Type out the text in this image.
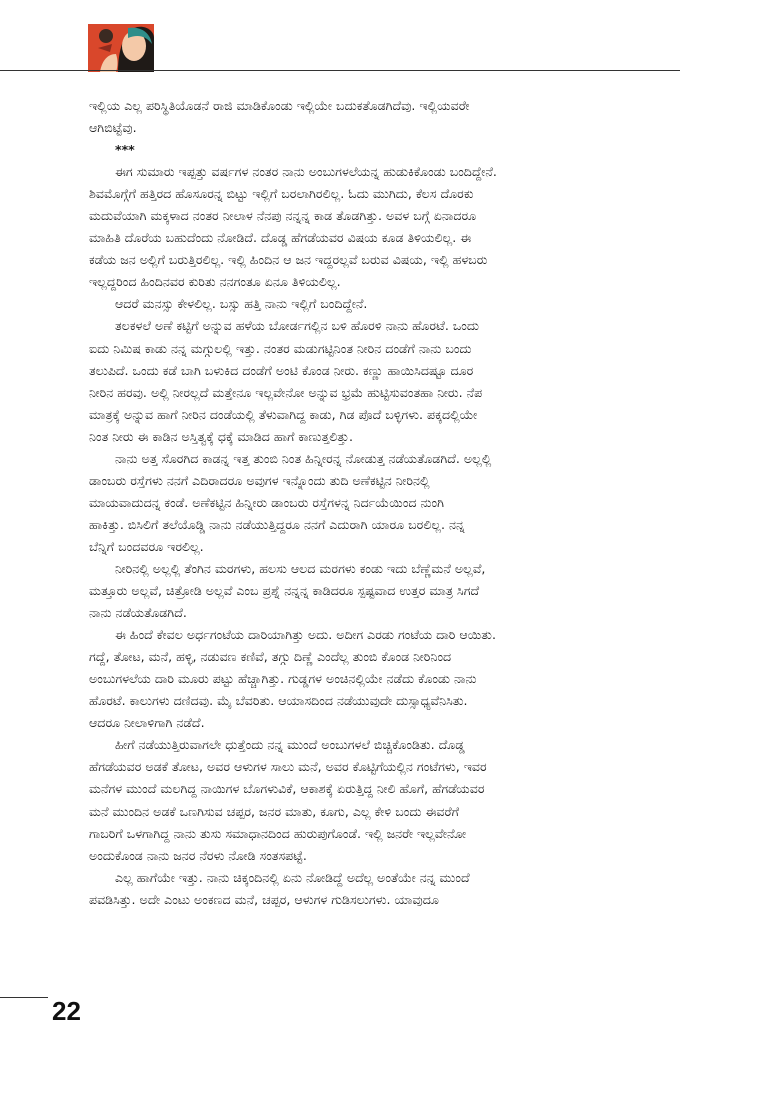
ಇಲ್ಲಿಯ ಎಲ್ಲ ಪರಿಸ್ಥಿತಿಯೊಡನೆ ರಾಜಿ ಮಾಡಿಕೊಂಡು ಇಲ್ಲಿಯೇ ಬದುಕತೊಡಗಿದೆವು. ಇಲ್ಲಿಯವರೇ
ಆಗಿಬಿಟ್ಟೆವು.
***
ಈಗ ಸುಮಾರು ಇಪ್ಪತ್ತು ವರ್ಷಗಳ ನಂತರ ನಾನು ಅಂಬುಗಳಲೆಯನ್ನ ಹುಡುಕಿಕೊಂಡು ಬಂದಿದ್ದೇನೆ.
ಶಿವಮೊಗ್ಗೆಗೆ ಹತ್ತಿರದ ಹೊಸೂರನ್ನ ಬಿಟ್ಟು ಇಲ್ಲಿಗೆ ಬರಲಾಗಿರಲಿಲ್ಲ. ಓದು ಮುಗಿದು, ಕೆಲಸ ದೊರಕು
ಮದುವೆಯಾಗಿ ಮಕ್ಕಳಾದ ನಂತರ ನೀಲಾಳ ನೆನಪು ನನ್ನನ್ನ ಕಾಡ ತೊಡಗಿತ್ತು. ಅವಳ ಬಗ್ಗೆ ಏನಾದರೂ
ಮಾಹಿತಿ ದೊರೆಯ ಬಹುದೆಂದು ನೋಡಿದೆ. ದೊಡ್ಡ ಹೆಗಡೆಯವರ ವಿಷಯ ಕೂಡ ತಿಳಿಯಲಿಲ್ಲ. ಈ
ಕಡೆಯ ಜನ ಅಲ್ಲಿಗೆ ಬರುತ್ತಿರಲಿಲ್ಲ. ಇಲ್ಲಿ ಹಿಂದಿನ ಆ ಜನ ಇದ್ದರಲ್ಲವೆ ಬರುವ ವಿಷಯ, ಇಲ್ಲಿ ಹಳಬರು
ಇಲ್ಲದ್ದರಿಂದ ಹಿಂದಿನವರ ಕುರಿತು ನನಗಂತೂ ಏನೂ ತಿಳಿಯಲಿಲ್ಲ.
ಆದರೆ ಮನಸ್ಸು ಕೇಳಲಿಲ್ಲ. ಬಸ್ಸು ಹತ್ತಿ ನಾನು ಇಲ್ಲಿಗೆ ಬಂದಿದ್ದೇನೆ.
ತಲಕಳಲೆ ಅಣೆ ಕಟ್ಟಿಗೆ ಅನ್ನುವ ಹಳೆಯ ಬೋರ್ಡಗಲ್ಲಿನ ಬಳಿ ಹೊರಳಿ ನಾನು ಹೊರಟೆ. ಒಂದು
ಐದು ನಿಮಿಷ ಕಾಡು ನನ್ನ ಮಗ್ಗುಲಲ್ಲಿ ಇತ್ತು. ನಂತರ ಮಡುಗಟ್ಟಿನಿಂತ ನೀರಿನ ದಂಡೆಗೆ ನಾನು ಬಂದು
ತಲುಪಿದೆ. ಒಂದು ಕಡೆ ಬಾಗಿ ಬಳುಕಿದ ದಂಡೆಗೆ ಅಂಟಿ ಕೊಂಡ ನೀರು. ಕಣ್ಣು ಹಾಯಿಸಿದಷ್ಟೂ ದೂರ
ನೀರಿನ ಹರವು. ಅಲ್ಲಿ ನೀರಲ್ಲದೆ ಮತ್ತೇನೂ ಇಲ್ಲವೇನೋ ಅನ್ನುವ ಭ್ರಮೆ ಹುಟ್ಟಿಸುವಂತಹಾ ನೀರು. ನೆಪ
ಮಾತ್ರಕ್ಕೆ ಅನ್ನುವ ಹಾಗೆ ನೀರಿನ ದಂಡೆಯಲ್ಲಿ ತೆಳುವಾಗಿದ್ದ ಕಾಡು, ಗಿಡ ಪೊದೆ ಬಳ್ಳಿಗಳು. ಪಕ್ಕದಲ್ಲಿಯೇ
ನಿಂತ ನೀರು ಈ ಕಾಡಿನ ಅಸ್ತಿತ್ವಕ್ಕೆ ಧಕ್ಕೆ ಮಾಡಿದ ಹಾಗೆ ಕಾಣುತ್ತಲಿತ್ತು.
ನಾನು ಅತ್ತ ಸೊರಗಿದ ಕಾಡನ್ನ ಇತ್ತ ತುಂಬಿ ನಿಂತ ಹಿನ್ನೀರನ್ನ ನೋಡುತ್ತ ನಡೆಯತೊಡಗಿದೆ. ಅಲ್ಲಲ್ಲಿ
ಡಾಂಬರು ರಸ್ತೆಗಳು ನನಗೆ ಎದಿರಾದರೂ ಅವುಗಳ ಇನ್ನೊಂದು ತುದಿ ಅಣೆಕಟ್ಟಿನ ನೀರಿನಲ್ಲಿ
ಮಾಯವಾದುದನ್ನ ಕಂಡೆ. ಅಣೆಕಟ್ಟಿನ ಹಿನ್ನೀರು ಡಾಂಬರು ರಸ್ತೆಗಳನ್ನ ನಿರ್ದಯೆಯಿಂದ ನುಂಗಿ
ಹಾಕಿತ್ತು. ಬಿಸಿಲಿಗೆ ತಲೆಯೊಡ್ಡಿ ನಾನು ನಡೆಯುತ್ತಿದ್ದರೂ ನನಗೆ ಎದುರಾಗಿ ಯಾರೂ ಬರಲಿಲ್ಲ. ನನ್ನ
ಬೆನ್ನಿಗೆ ಬಂದವರೂ ಇರಲಿಲ್ಲ.
ನೀರಿನಲ್ಲಿ ಅಲ್ಲಲ್ಲಿ ತೆಂಗಿನ ಮರಗಳು, ಹಲಸು ಆಲದ ಮರಗಳು ಕಂಡು ಇದು ಬೆಣ್ಣೆಮನೆ ಅಲ್ಲವೆ,
ಮತ್ತೂರು ಅಲ್ಲವೆ, ಚಿತ್ರೋಡಿ ಅಲ್ಲವೆ ಎಂಬ ಪ್ರಶ್ನೆ ನನ್ನನ್ನ ಕಾಡಿದರೂ ಸ್ಪಷ್ಟವಾದ ಉತ್ತರ ಮಾತ್ರ ಸಿಗದೆ
ನಾನು ನಡೆಯತೊಡಗಿದೆ.
ಈ ಹಿಂದೆ ಕೇವಲ ಅರ್ಧಗಂಟೆಯ ದಾರಿಯಾಗಿತ್ತು ಅದು. ಅದೀಗ ಎರಡು ಗಂಟೆಯ ದಾರಿ ಆಯಿತು.
ಗದ್ದೆ, ತೋಟ, ಮನೆ, ಹಳ್ಳಿ, ನಡುವಣ ಕಣಿವೆ, ತಗ್ಗು ದಿಣ್ಣೆ ಎಂದೆಲ್ಲ ತುಂಬಿ ಕೊಂಡ ನೀರಿನಿಂದ
ಅಂಬುಗಳಲೆಯ ದಾರಿ ಮೂರು ಪಟ್ಟು ಹೆಚ್ಚಾಗಿತ್ತು. ಗುಡ್ಡಗಳ ಅಂಚಿನಲ್ಲಿಯೇ ನಡೆದು ಕೊಂಡು ನಾನು
ಹೊರಟೆ. ಕಾಲುಗಳು ದಣಿದವು. ಮೈ ಬೆವರಿತು. ಆಯಾಸದಿಂದ ನಡೆಯುವುದೇ ದುಸ್ಸಾಧ್ಯವೆನಿಸಿತು.
ಆದರೂ ನೀಲಾಳಿಗಾಗಿ ನಡೆದೆ.
ಹೀಗೆ ನಡೆಯುತ್ತಿರುವಾಗಲೇ ಧುತ್ತೆಂದು ನನ್ನ ಮುಂದೆ ಅಂಬುಗಳಲೆ ಬಿಚ್ಚಿಕೊಂಡಿತು. ದೊಡ್ಡ
ಹೆಗಡೆಯವರ ಅಡಕೆ ತೋಟ, ಅವರ ಆಳುಗಳ ಸಾಲು ಮನೆ, ಅವರ ಕೊಟ್ಟಿಗೆಯಲ್ಲಿನ ಗಂಟೆಗಳು, ಇವರ
ಮನೆಗಳ ಮುಂದೆ ಮಲಗಿದ್ದ ನಾಯಿಗಳ ಬೊಗಳುವಿಕೆ, ಆಕಾಶಕ್ಕೆ ಏರುತ್ತಿದ್ದ ನೀಲಿ ಹೊಗೆ, ಹೆಗಡೆಯವರ
ಮನೆ ಮುಂದಿನ ಅಡಕೆ ಒಣಗಿಸುವ ಚಪ್ಪರ, ಜನರ ಮಾತು, ಕೂಗು, ಎಲ್ಲ ಕೇಳಿ ಬಂದು ಈವರೆಗೆ
ಗಾಬರಿಗೆ ಒಳಗಾಗಿದ್ದ ನಾನು ತುಸು ಸಮಾಧಾನದಿಂದ ಹುರುಪುಗೊಂಡೆ. ಇಲ್ಲಿ ಜನರೇ ಇಲ್ಲವೇನೋ
ಅಂದುಕೊಂಡ ನಾನು ಜನರ ನೆರಳು ನೋಡಿ ಸಂತಸಪಟ್ಟೆ.
ಎಲ್ಲ ಹಾಗೆಯೇ ಇತ್ತು. ನಾನು ಚಿಕ್ಕಂದಿನಲ್ಲಿ ಏನು ನೋಡಿದ್ದೆ ಅದೆಲ್ಲ ಅಂತೆಯೇ ನನ್ನ ಮುಂದೆ
ಪವಡಿಸಿತ್ತು. ಅದೇ ಎಂಟು ಅಂಕಣದ ಮನೆ, ಚಪ್ಪರ, ಆಳುಗಳ ಗುಡಿಸಲುಗಳು. ಯಾವುದೂ
22
